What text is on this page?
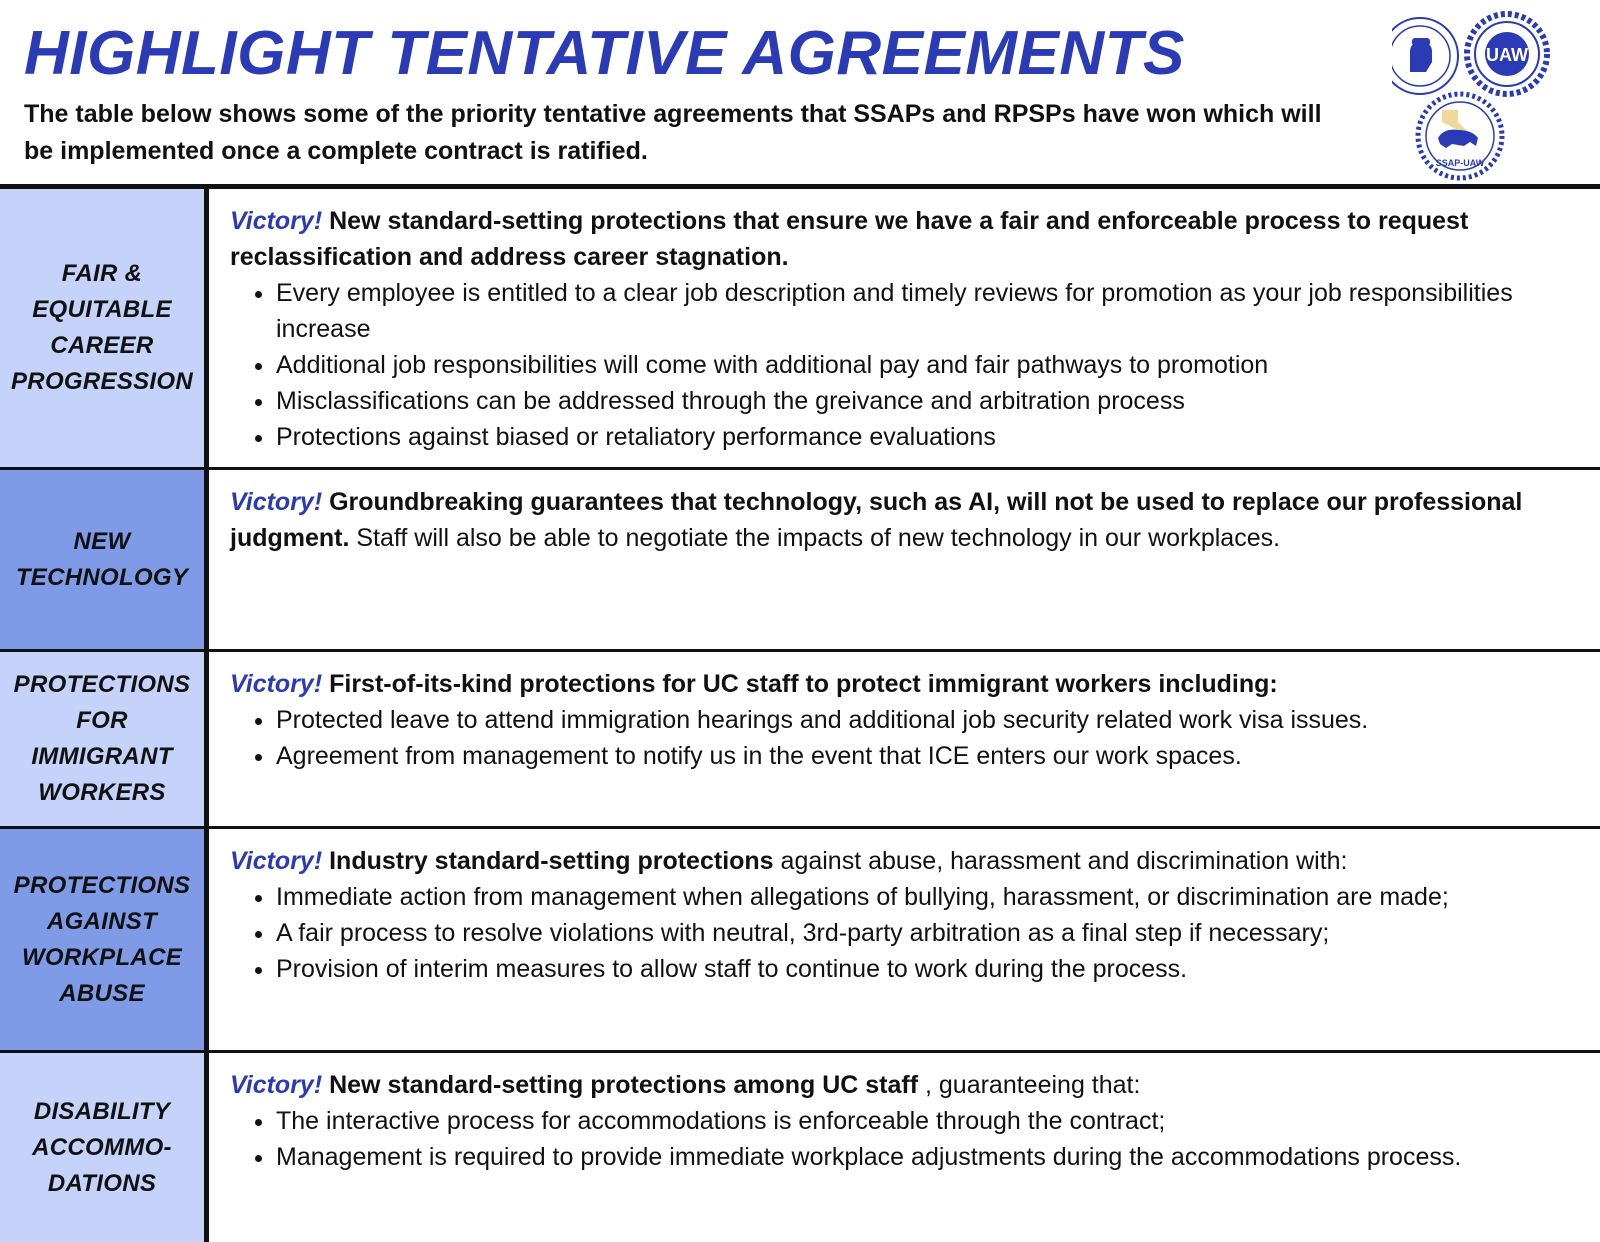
HIGHLIGHT TENTATIVE AGREEMENTS

The table below shows some of the priority tentative agreements that SSAPs and RPSPs have won which will be implemented once a complete contract is ratified.

UAW
SSAP-UAW
FAIR &
EQUITABLE
CAREER
PROGRESSION

Victory! New standard-setting protections that ensure we have a fair and enforceable process to request reclassification and address career stagnation.

• Every employee is entitled to a clear job description and timely reviews for promotion as your job responsibilities increase
• Additional job responsibilities will come with additional pay and fair pathways to promotion
• Misclassifications can be addressed through the greivance and arbitration process
• Protections against biased or retaliatory performance evaluations
NEW
TECHNOLOGY

Victory! Groundbreaking guarantees that technology, such as AI, will not be used to replace our professional judgment. Staff will also be able to negotiate the impacts of new technology in our workplaces.

PROTECTIONS
FOR
IMMIGRANT
WORKERS

Victory! First-of-its-kind protections for UC staff to protect immigrant workers including:

• Protected leave to attend immigration hearings and additional job security related work visa issues.
• Agreement from management to notify us in the event that ICE enters our work spaces.
PROTECTIONS
AGAINST
WORKPLACE
ABUSE

Victory! Industry standard-setting protections against abuse, harassment and discrimination with:

• Immediate action from management when allegations of bullying, harassment, or discrimination are made;
• A fair process to resolve violations with neutral, 3rd-party arbitration as a final step if necessary;
• Provision of interim measures to allow staff to continue to work during the process.
DISABILITY
ACCOMMO-
DATIONS

Victory! New standard-setting protections among UC staff , guaranteeing that:

• The interactive process for accommodations is enforceable through the contract;
• Management is required to provide immediate workplace adjustments during the accommodations process.
